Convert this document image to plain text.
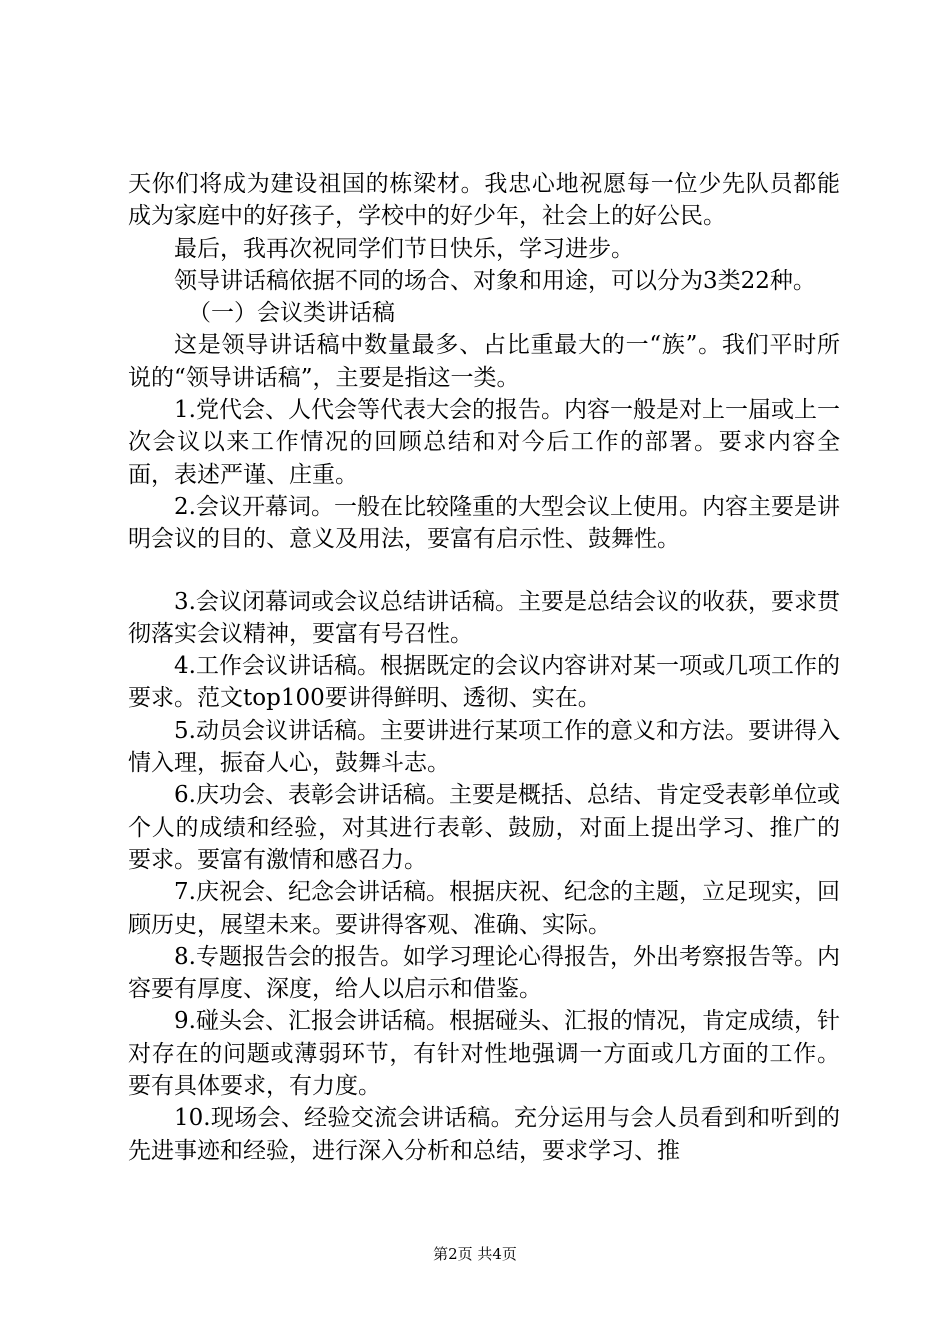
天你们将成为建设祖国的栋梁材。我忠心地祝愿每一位少先队员都能成为家庭中的好孩子，学校中的好少年，社会上的好公民。

最后，我再次祝同学们节日快乐，学习进步。

领导讲话稿依据不同的场合、对象和用途，可以分为3类22种。

（一）会议类讲话稿

这是领导讲话稿中数量最多、占比重最大的一“族”。我们平时所说的“领导讲话稿”，主要是指这一类。

1.党代会、人代会等代表大会的报告。内容一般是对上一届或上一次会议以来工作情况的回顾总结和对今后工作的部署。要求内容全面，表述严谨、庄重。

2.会议开幕词。一般在比较隆重的大型会议上使用。内容主要是讲明会议的目的、意义及用法，要富有启示性、鼓舞性。

3.会议闭幕词或会议总结讲话稿。主要是总结会议的收获，要求贯彻落实会议精神，要富有号召性。

4.工作会议讲话稿。根据既定的会议内容讲对某一项或几项工作的要求。范文top100要讲得鲜明、透彻、实在。

5.动员会议讲话稿。主要讲进行某项工作的意义和方法。要讲得入情入理，振奋人心，鼓舞斗志。

6.庆功会、表彰会讲话稿。主要是概括、总结、肯定受表彰单位或个人的成绩和经验，对其进行表彰、鼓励，对面上提出学习、推广的要求。要富有激情和感召力。

7.庆祝会、纪念会讲话稿。根据庆祝、纪念的主题，立足现实，回顾历史，展望未来。要讲得客观、准确、实际。

8.专题报告会的报告。如学习理论心得报告，外出考察报告等。内容要有厚度、深度，给人以启示和借鉴。

9.碰头会、汇报会讲话稿。根据碰头、汇报的情况，肯定成绩，针对存在的问题或薄弱环节，有针对性地强调一方面或几方面的工作。要有具体要求，有力度。

10.现场会、经验交流会讲话稿。充分运用与会人员看到和听到的先进事迹和经验，进行深入分析和总结，要求学习、推

第2页 共4页
